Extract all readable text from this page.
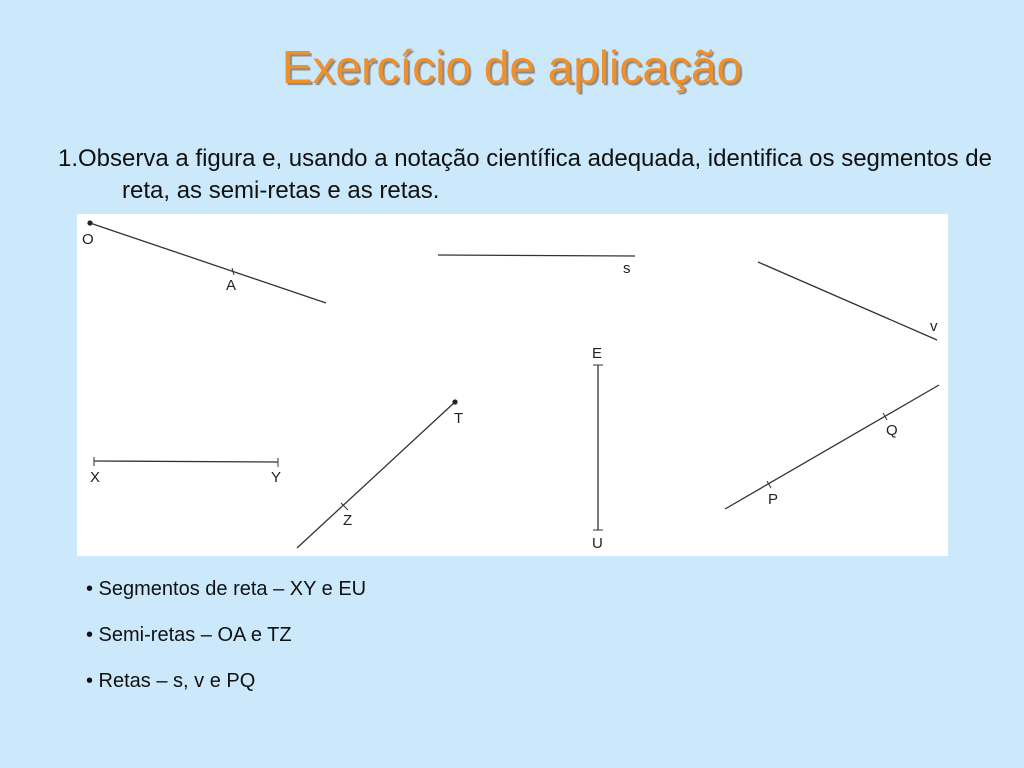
Exercício de aplicação
1.Observa a figura e, usando a notação científica adequada, identifica os segmentos de reta, as semi-retas e as retas.
O
A
s
v
E
U
T
Z
X	Y
Q
P
• Segmentos de reta – XY e EU
• Semi-retas – OA e TZ
• Retas – s, v e PQ
